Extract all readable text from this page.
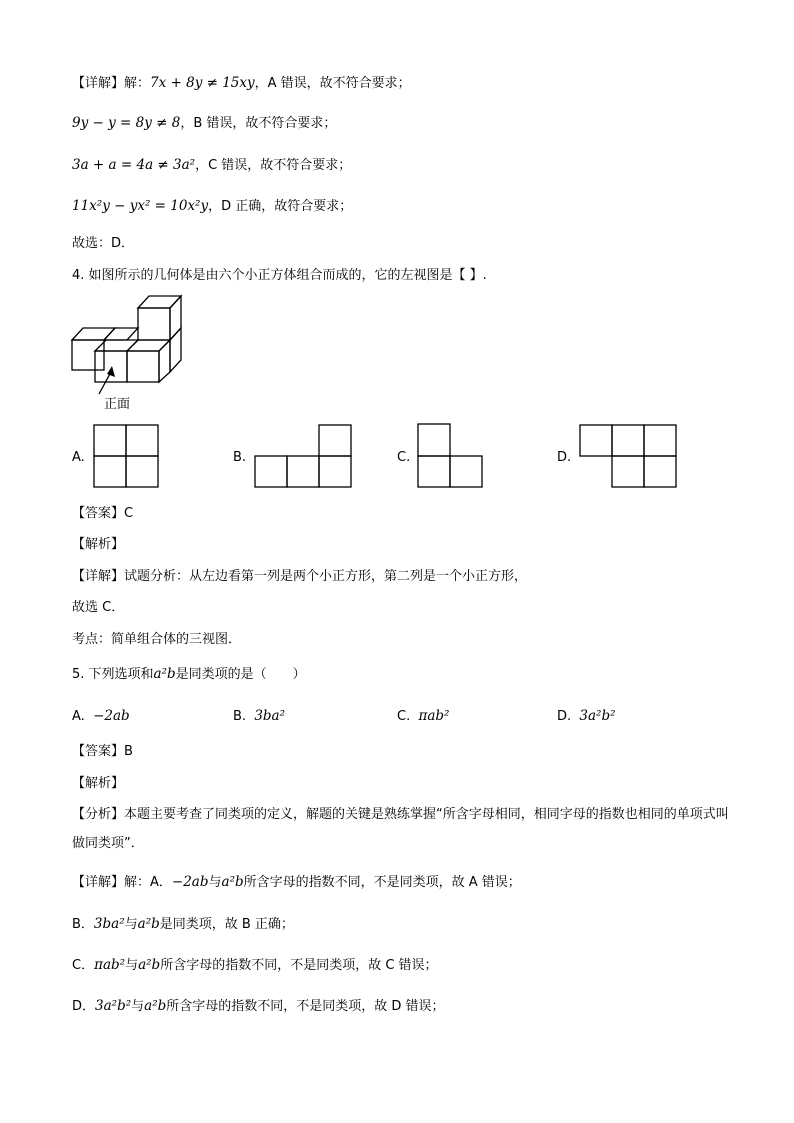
【详解】解：7x + 8y ≠ 15xy，A 错误，故不符合要求；
9y − y = 8y ≠ 8，B 错误，故不符合要求；
3a + a = 4a ≠ 3a²，C 错误，故不符合要求；
11x²y − yx² = 10x²y，D 正确，故符合要求；
故选：D．
4. 如图所示的几何体是由六个小正方体组合而成的，它的左视图是【 】.
正面
A.	B.	C.	D.
【答案】C
【解析】
【详解】试题分析：从左边看第一列是两个小正方形，第二列是一个小正方形，
故选 C．
考点：简单组合体的三视图．
5. 下列选项和a²b是同类项的是（　　）
A. −2ab	B. 3ba²	C. πab²	D. 3a²b²
【答案】B
【解析】
【分析】本题主要考查了同类项的定义，解题的关键是熟练掌握“所含字母相同，相同字母的指数也相同的单项式叫做同类项”．
【详解】解：A．−2ab与a²b所含字母的指数不同，不是同类项，故 A 错误；
B．3ba²与a²b是同类项，故 B 正确；
C．πab²与a²b所含字母的指数不同，不是同类项，故 C 错误；
D．3a²b²与a²b所含字母的指数不同，不是同类项，故 D 错误；
